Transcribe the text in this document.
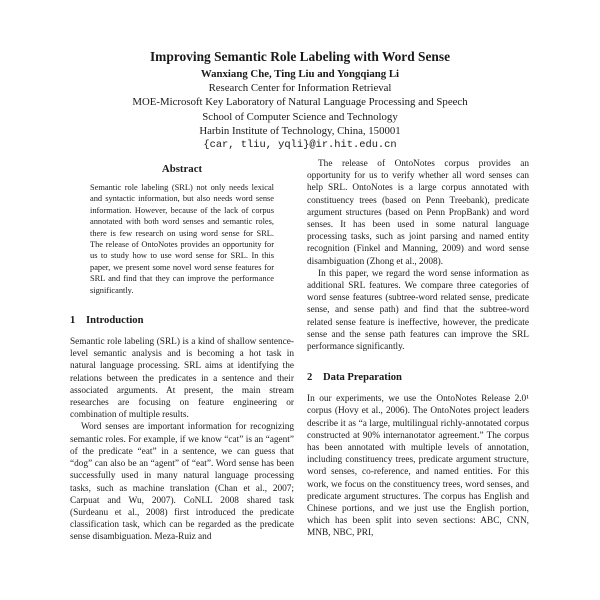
Improving Semantic Role Labeling with Word Sense
Wanxiang Che, Ting Liu and Yongqiang Li
Research Center for Information Retrieval
MOE-Microsoft Key Laboratory of Natural Language Processing and Speech
School of Computer Science and Technology
Harbin Institute of Technology, China, 150001
{car, tliu, yqli}@ir.hit.edu.cn
Abstract

Semantic role labeling (SRL) not only needs lexical and syntactic information, but also needs word sense information. However, because of the lack of corpus annotated with both word senses and semantic roles, there is few research on using word sense for SRL. The release of OntoNotes provides an opportunity for us to study how to use word sense for SRL. In this paper, we present some novel word sense features for SRL and find that they can improve the performance significantly.

1 Introduction

Semantic role labeling (SRL) is a kind of shallow sentence-level semantic analysis and is becoming a hot task in natural language processing. SRL aims at identifying the relations between the predicates in a sentence and their associated arguments. At present, the main stream researches are focusing on feature engineering or combination of multiple results.

Word senses are important information for recognizing semantic roles. For example, if we know “cat” is an “agent” of the predicate “eat” in a sentence, we can guess that “dog” can also be an “agent” of “eat”. Word sense has been successfully used in many natural language processing tasks, such as machine translation (Chan et al., 2007; Carpuat and Wu, 2007). CoNLL 2008 shared task (Surdeanu et al., 2008) first introduced the predicate classification task, which can be regarded as the predicate sense disambiguation. Meza-Ruiz and

The release of OntoNotes corpus provides an opportunity for us to verify whether all word senses can help SRL. OntoNotes is a large corpus annotated with constituency trees (based on Penn Treebank), predicate argument structures (based on Penn PropBank) and word senses. It has been used in some natural language processing tasks, such as joint parsing and named entity recognition (Finkel and Manning, 2009) and word sense disambiguation (Zhong et al., 2008).

In this paper, we regard the word sense information as additional SRL features. We compare three categories of word sense features (subtree-word related sense, predicate sense, and sense path) and find that the subtree-word related sense feature is ineffective, however, the predicate sense and the sense path features can improve the SRL performance significantly.

2 Data Preparation

In our experiments, we use the OntoNotes Release 2.0¹ corpus (Hovy et al., 2006). The OntoNotes project leaders describe it as “a large, multilingual richly-annotated corpus constructed at 90% internanotator agreement.” The corpus has been annotated with multiple levels of annotation, including constituency trees, predicate argument structure, word senses, co-reference, and named entities. For this work, we focus on the constituency trees, word senses, and predicate argument structures. The corpus has English and Chinese portions, and we just use the English portion, which has been split into seven sections: ABC, CNN, MNB, NBC, PRI,
